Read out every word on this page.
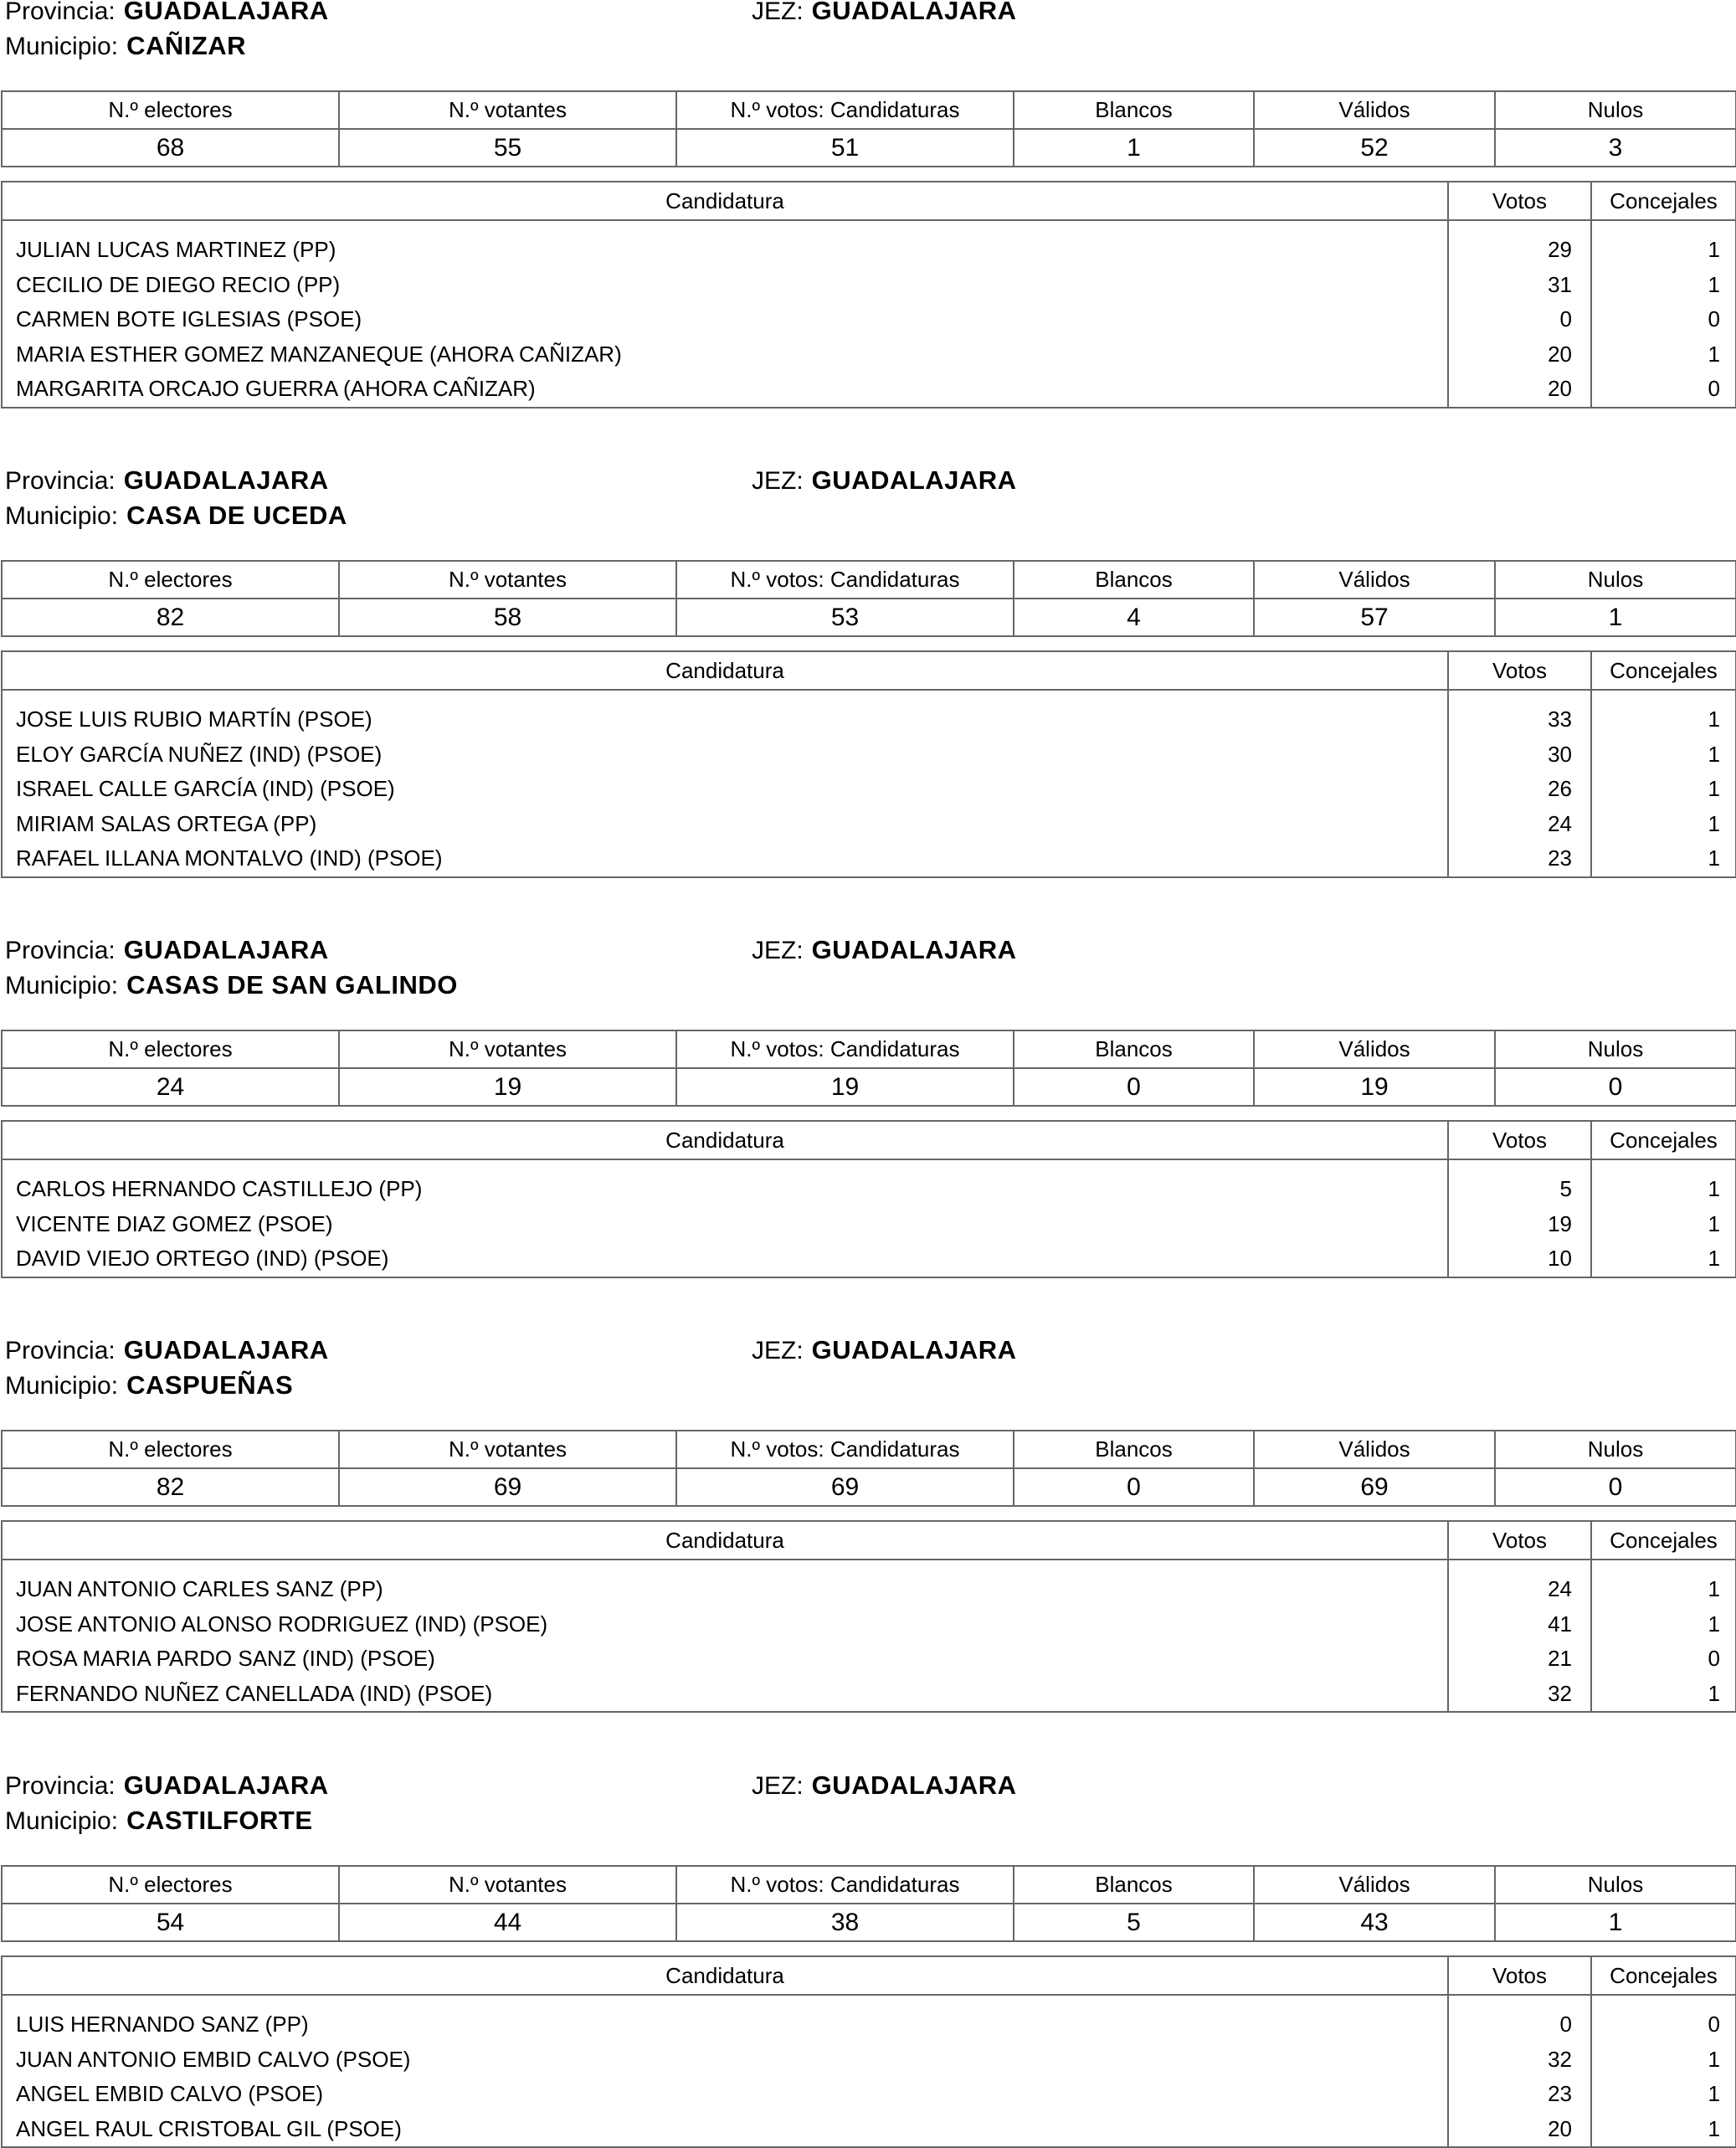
Provincia: GUADALAJARA	JEZ: GUADALAJARA
Municipio: CAÑIZAR
N.º electores	N.º votantes	N.º votos: Candidaturas	Blancos	Válidos	Nulos
68	55	51	1	52	3
Candidatura	Votos	Concejales

JULIAN LUCAS MARTINEZ (PP)	29	1
CECILIO DE DIEGO RECIO (PP)	31	1
CARMEN BOTE IGLESIAS (PSOE)	0	0
MARIA ESTHER GOMEZ MANZANEQUE (AHORA CAÑIZAR)	20	1
MARGARITA ORCAJO GUERRA (AHORA CAÑIZAR)	20	0
Provincia: GUADALAJARA	JEZ: GUADALAJARA
Municipio: CASA DE UCEDA
N.º electores	N.º votantes	N.º votos: Candidaturas	Blancos	Válidos	Nulos
82	58	53	4	57	1
Candidatura	Votos	Concejales

JOSE LUIS RUBIO MARTÍN (PSOE)	33	1
ELOY GARCÍA NUÑEZ (IND) (PSOE)	30	1
ISRAEL CALLE GARCÍA (IND) (PSOE)	26	1
MIRIAM SALAS ORTEGA (PP)	24	1
RAFAEL ILLANA MONTALVO (IND) (PSOE)	23	1
Provincia: GUADALAJARA	JEZ: GUADALAJARA
Municipio: CASAS DE SAN GALINDO
N.º electores	N.º votantes	N.º votos: Candidaturas	Blancos	Válidos	Nulos
24	19	19	0	19	0
Candidatura	Votos	Concejales

CARLOS HERNANDO CASTILLEJO (PP)	5	1
VICENTE DIAZ GOMEZ (PSOE)	19	1
DAVID VIEJO ORTEGO (IND) (PSOE)	10	1
Provincia: GUADALAJARA	JEZ: GUADALAJARA
Municipio: CASPUEÑAS
N.º electores	N.º votantes	N.º votos: Candidaturas	Blancos	Válidos	Nulos
82	69	69	0	69	0
Candidatura	Votos	Concejales

JUAN ANTONIO CARLES SANZ (PP)	24	1
JOSE ANTONIO ALONSO RODRIGUEZ (IND) (PSOE)	41	1
ROSA MARIA PARDO SANZ (IND) (PSOE)	21	0
FERNANDO NUÑEZ CANELLADA (IND) (PSOE)	32	1
Provincia: GUADALAJARA	JEZ: GUADALAJARA
Municipio: CASTILFORTE
N.º electores	N.º votantes	N.º votos: Candidaturas	Blancos	Válidos	Nulos
54	44	38	5	43	1
Candidatura	Votos	Concejales

LUIS HERNANDO SANZ (PP)	0	0
JUAN ANTONIO EMBID CALVO (PSOE)	32	1
ANGEL EMBID CALVO (PSOE)	23	1
ANGEL RAUL CRISTOBAL GIL (PSOE)	20	1
